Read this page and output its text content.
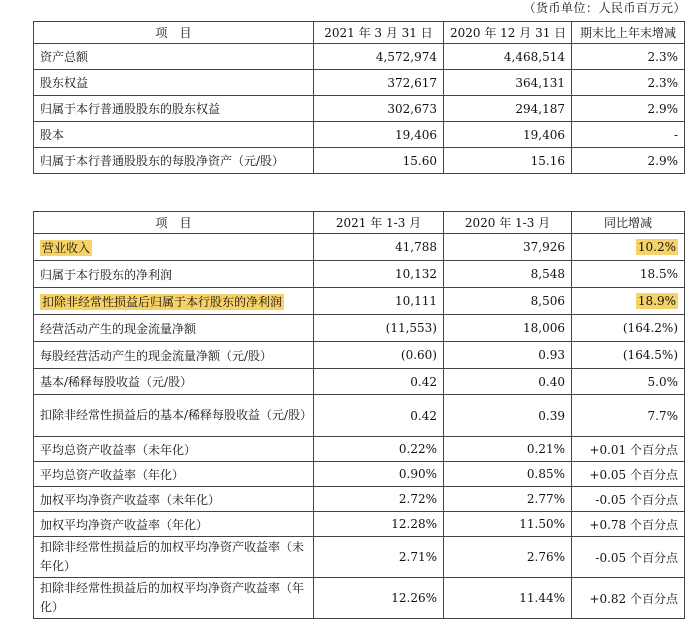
（货币单位：人民币百万元）
项　目	2021 年 3 月 31 日	2020 年 12 月 31 日	期末比上年末增减
资产总额	4,572,974	4,468,514	2.3%
股东权益	372,617	364,131	2.3%
归属于本行普通股股东的股东权益	302,673	294,187	2.9%
股本	19,406	19,406	-
归属于本行普通股股东的每股净资产（元/股）	15.60	15.16	2.9%
项　目	2021 年 1-3 月	2020 年 1-3 月	同比增减
营业收入	41,788	37,926	10.2%
归属于本行股东的净利润	10,132	8,548	18.5%
扣除非经常性损益后归属于本行股东的净利润	10,111	8,506	18.9%
经营活动产生的现金流量净额	(11,553)	18,006	(164.2%)
每股经营活动产生的现金流量净额（元/股）	(0.60)	0.93	(164.5%)
基本/稀释每股收益（元/股）	0.42	0.40	5.0%
扣除非经常性损益后的基本/稀释每股收益（元/股）	0.42	0.39	7.7%
平均总资产收益率（未年化）	0.22%	0.21%	+0.01 个百分点
平均总资产收益率（年化）	0.90%	0.85%	+0.05 个百分点
加权平均净资产收益率（未年化）	2.72%	2.77%	-0.05 个百分点
加权平均净资产收益率（年化）	12.28%	11.50%	+0.78 个百分点
扣除非经常性损益后的加权平均净资产收益率（未年化）	2.71%	2.76%	-0.05 个百分点
扣除非经常性损益后的加权平均净资产收益率（年化）	12.26%	11.44%	+0.82 个百分点
